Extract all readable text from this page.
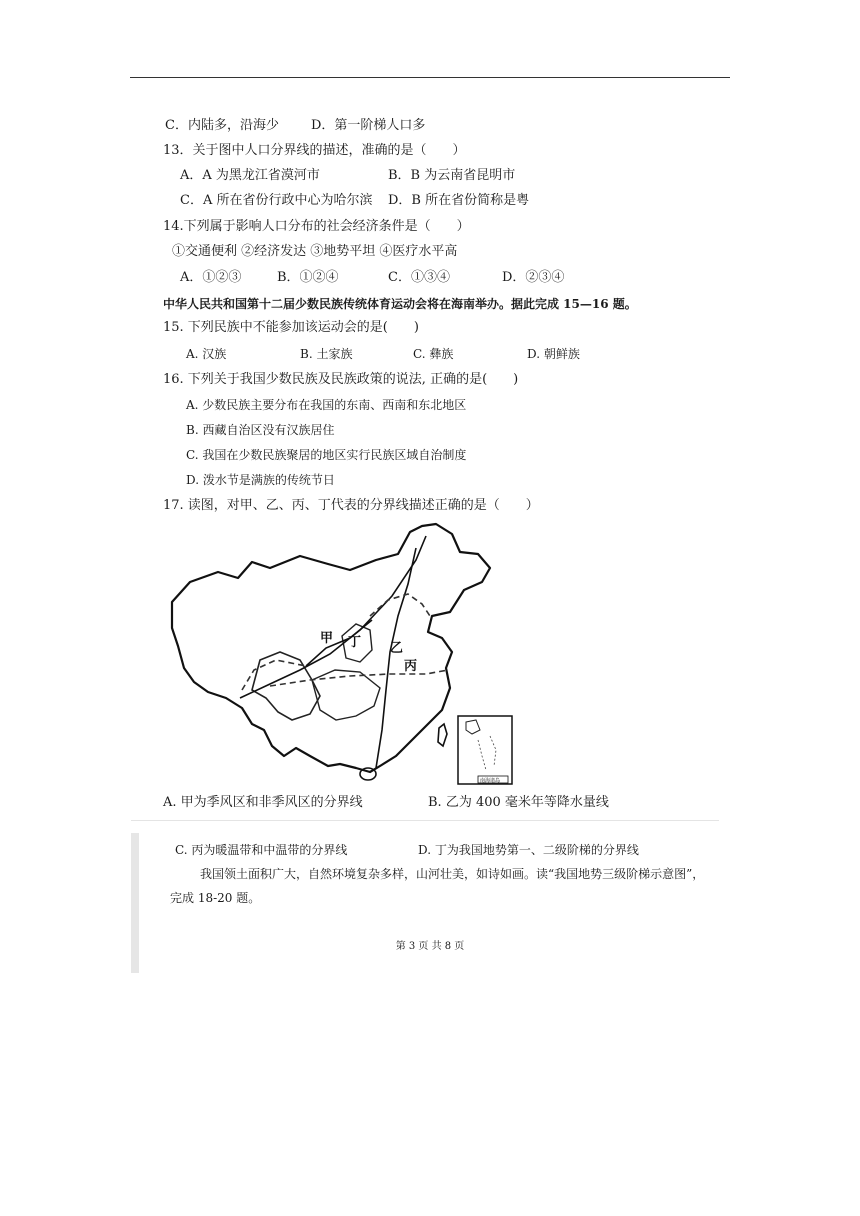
C．内陆多，沿海少 D．第一阶梯人口多
13．关于图中人口分界线的描述，准确的是（　　）
A．A 为黑龙江省漠河市	B．B 为云南省昆明市
C．A 所在省份行政中心为哈尔滨 D．B 所在省份简称是粤
14.下列属于影响人口分布的社会经济条件是（　　）
①交通便利 ②经济发达 ③地势平坦 ④医疗水平高
A．①②③	B．①②④	C．①③④	D．②③④
中华人民共和国第十二届少数民族传统体育运动会将在海南举办。据此完成 15—16 题。
15. 下列民族中不能参加该运动会的是(　　)
A. 汉族	B. 土家族	C. 彝族	D. 朝鲜族
16. 下列关于我国少数民族及民族政策的说法, 正确的是(　　)
A. 少数民族主要分布在我国的东南、西南和东北地区
B. 西藏自治区没有汉族居住
C. 我国在少数民族聚居的地区实行民族区域自治制度
D. 泼水节是满族的传统节日
17. 读图，对甲、乙、丙、丁代表的分界线描述正确的是（　　）
甲 丁 乙
丙
南海诸岛
A. 甲为季风区和非季风区的分界线	B. 乙为 400 毫米年等降水量线
C. 丙为暖温带和中温带的分界线	D. 丁为我国地势第一、二级阶梯的分界线
我国领土面积广大，自然环境复杂多样，山河壮美，如诗如画。读“我国地势三级阶梯示意图”，
完成 18-20 题。
第 3 页 共 8 页
